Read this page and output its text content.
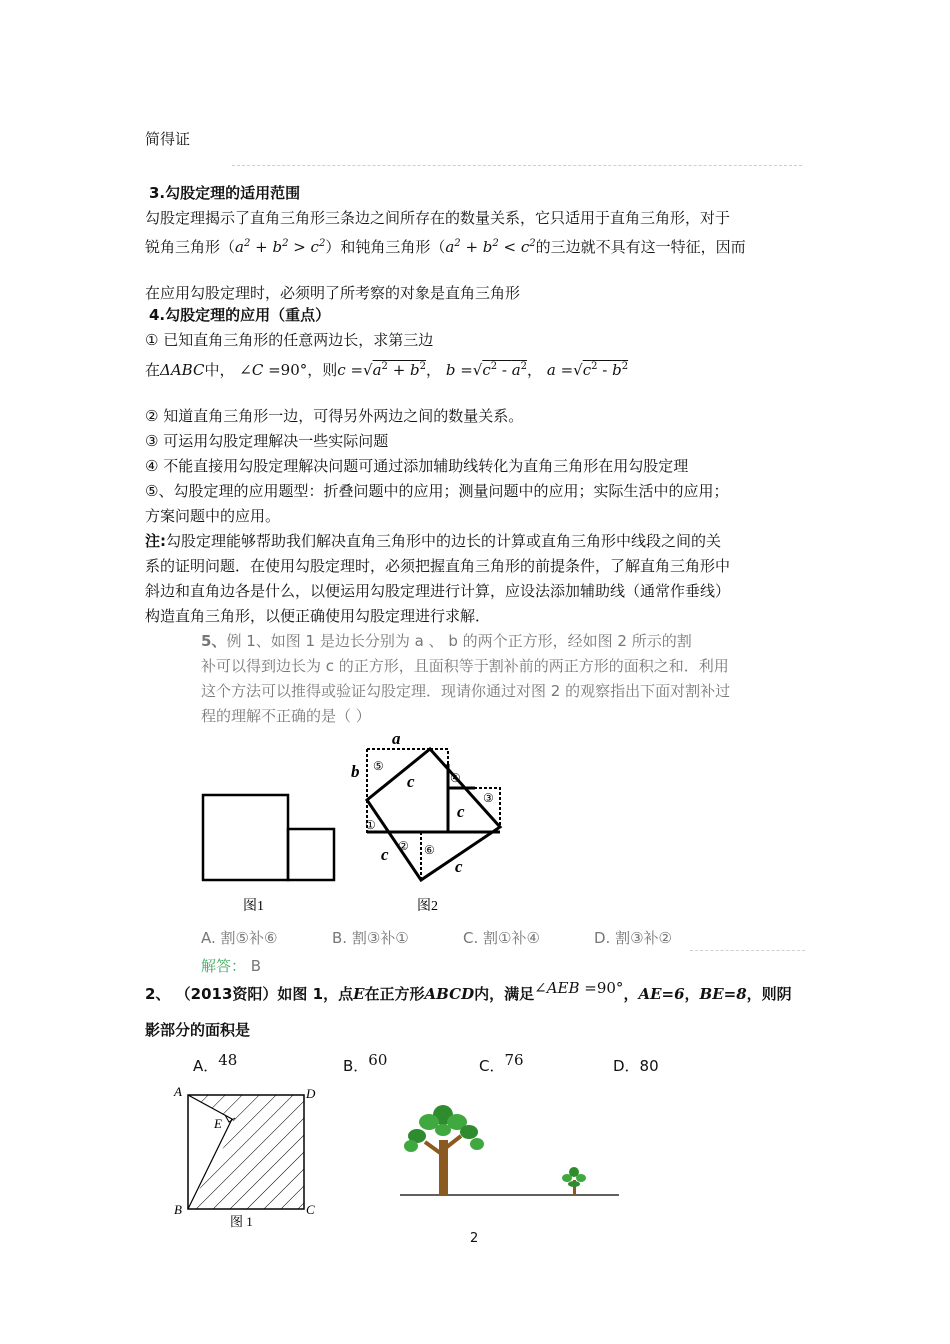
简得证
3.勾股定理的适用范围
勾股定理揭示了直角三角形三条边之间所存在的数量关系，它只适用于直角三角形，对于
锐角三角形$(a^2 + b^2 > c^2)$和钝角三角形（$a^2 + b^2 < c^2$的三边就不具有这一特征，因而
在应用勾股定理时，必须明了所考察的对象是直角三角形
4.勾股定理的应用（重点）
① 已知直角三角形的任意两边长，求第三边
在ΔABC中， ∠C =90°，则$c =√a^2 + b^2$， $b =√c^2 - a^2$， $a =√c^2 - b^2$
② 知道直角三角形一边，可得另外两边之间的数量关系。
③ 可运用勾股定理解决一些实际问题
④ 不能直接用勾股定理解决问题可通过添加辅助线转化为直角三角形在用勾股定理
⑤、勾股定理的应用题型：折叠问题中的应用；测量问题中的应用；实际生活中的应用；
方案问题中的应用。
注:勾股定理能够帮助我们解决直角三角形中的边长的计算或直角三角形中线段之间的关
系的证明问题．在使用勾股定理时，必须把握直角三角形的前提条件，了解直角三角形中
斜边和直角边各是什么，以便运用勾股定理进行计算，应设法添加辅助线（通常作垂线）
构造直角三角形，以便正确使用勾股定理进行求解．
5、例 1、如图 1 是边长分别为 a 、 b 的两个正方形，经如图 2 所示的割
补可以得到边长为 c 的正方形，且面积等于割补前的两正方形的面积之和．利用
这个方法可以推得或验证勾股定理．现请你通过对图 2 的观察指出下面对割补过
程的理解不正确的是（ ）
图1
a
b
c
c
c
c
⑤
④
③
①
② ⑥
图2
A. 割⑤补⑥	B. 割③补①	C. 割①补④	D. 割③补②
解答： B
2、 （2013资阳）如图 1，点E在正方形ABCD内，满足∠AEB =90°，AE=6，BE=8，则阴
影部分的面积是
A．48	B．60	C．76	D．80
A	D
E
B	C
图 1
2
